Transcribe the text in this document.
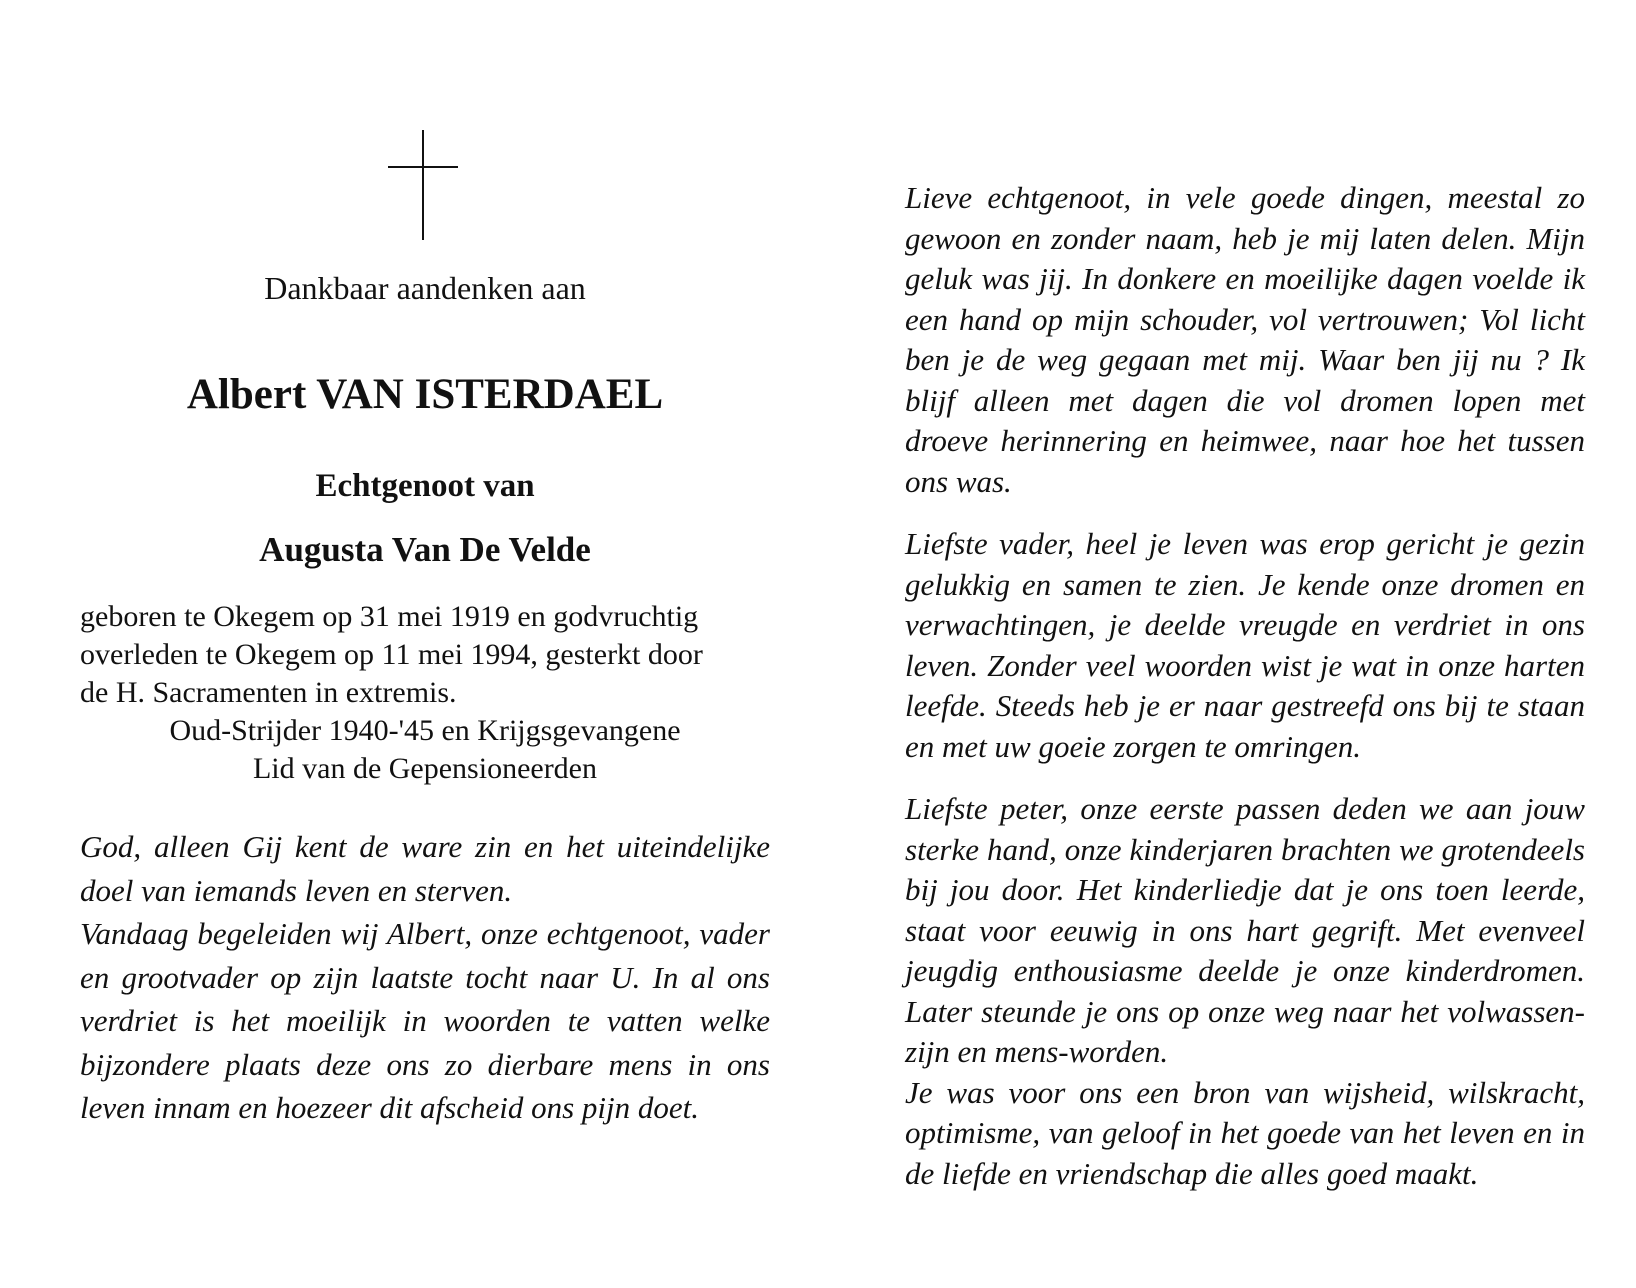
Dankbaar aandenken aan
Albert VAN ISTERDAEL
Echtgenoot van
Augusta Van De Velde
geboren te Okegem op 31 mei 1919 en godvruchtig
overleden te Okegem op 11 mei 1994, gesterkt door
de H. Sacramenten in extremis.
Oud-Strijder 1940-'45 en Krijgsgevangene
Lid van de Gepensioneerden

God, alleen Gij kent de ware zin en het uiteindelijke doel van iemands leven en sterven.

Vandaag begeleiden wij Albert, onze echtgenoot, vader en grootvader op zijn laatste tocht naar U. In al ons verdriet is het moeilijk in woorden te vatten welke bijzondere plaats deze ons zo dierbare mens in ons leven innam en hoezeer dit afscheid ons pijn doet.

Lieve echtgenoot, in vele goede dingen, meestal zo gewoon en zonder naam, heb je mij laten delen. Mijn geluk was jij. In donkere en moeilijke dagen voelde ik een hand op mijn schouder, vol vertrouwen; Vol licht ben je de weg gegaan met mij. Waar ben jij nu ? Ik blijf alleen met dagen die vol dromen lopen met droeve herinnering en heimwee, naar hoe het tussen ons was.

Liefste vader, heel je leven was erop gericht je gezin gelukkig en samen te zien. Je kende onze dromen en verwachtingen, je deelde vreugde en verdriet in ons leven. Zonder veel woorden wist je wat in onze harten leefde. Steeds heb je er naar gestreefd ons bij te staan en met uw goeie zorgen te omringen.

Liefste peter, onze eerste passen deden we aan jouw sterke hand, onze kinderjaren brachten we grotendeels bij jou door. Het kinderliedje dat je ons toen leerde, staat voor eeuwig in ons hart gegrift. Met evenveel jeugdig enthousiasme deelde je onze kinderdromen. Later steunde je ons op onze weg naar het volwassen-zijn en mens-worden.

Je was voor ons een bron van wijsheid, wilskracht, optimisme, van geloof in het goede van het leven en in de liefde en vriendschap die alles goed maakt.
